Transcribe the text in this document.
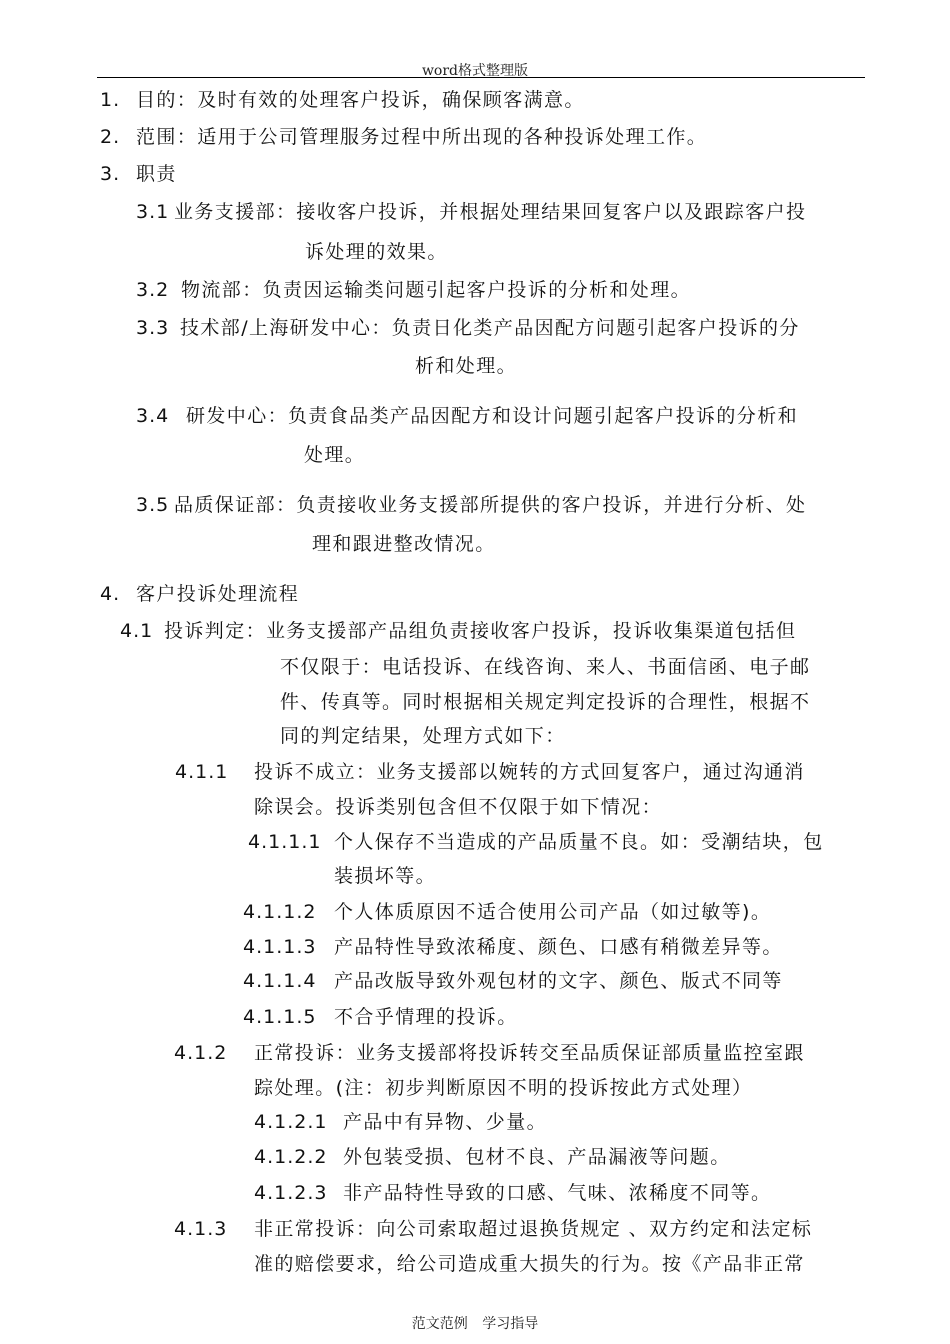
word格式整理版
1. 目的：及时有效的处理客户投诉，确保顾客满意。
2. 范围：适用于公司管理服务过程中所出现的各种投诉处理工作。
3. 职责
3.1 业务支援部：接收客户投诉，并根据处理结果回复客户以及跟踪客户投
诉处理的效果。
3.2 物流部：负责因运输类问题引起客户投诉的分析和处理。
3.3 技术部/上海研发中心：负责日化类产品因配方问题引起客户投诉的分
析和处理。
3.4 研发中心：负责食品类产品因配方和设计问题引起客户投诉的分析和
处理。
3.5 品质保证部：负责接收业务支援部所提供的客户投诉，并进行分析、处
理和跟进整改情况。
4. 客户投诉处理流程
4.1 投诉判定：业务支援部产品组负责接收客户投诉，投诉收集渠道包括但
不仅限于：电话投诉、在线咨询、来人、书面信函、电子邮
件、传真等。同时根据相关规定判定投诉的合理性，根据不
同的判定结果，处理方式如下：
4.1.1 投诉不成立：业务支援部以婉转的方式回复客户，通过沟通消
除误会。投诉类别包含但不仅限于如下情况：
4.1.1.1 个人保存不当造成的产品质量不良。如：受潮结块，包
装损坏等。
4.1.1.2 个人体质原因不适合使用公司产品（如过敏等)。
4.1.1.3 产品特性导致浓稀度、颜色、口感有稍微差异等。
4.1.1.4 产品改版导致外观包材的文字、颜色、版式不同等
4.1.1.5 不合乎情理的投诉。
4.1.2 正常投诉：业务支援部将投诉转交至品质保证部质量监控室跟
踪处理。(注：初步判断原因不明的投诉按此方式处理）
4.1.2.1 产品中有异物、少量。
4.1.2.2 外包装受损、包材不良、产品漏液等问题。
4.1.2.3 非产品特性导致的口感、气味、浓稀度不同等。
4.1.3 非正常投诉：向公司索取超过退换货规定 、双方约定和法定标
准的赔偿要求，给公司造成重大损失的行为。按《产品非正常
范文范例 学习指导
